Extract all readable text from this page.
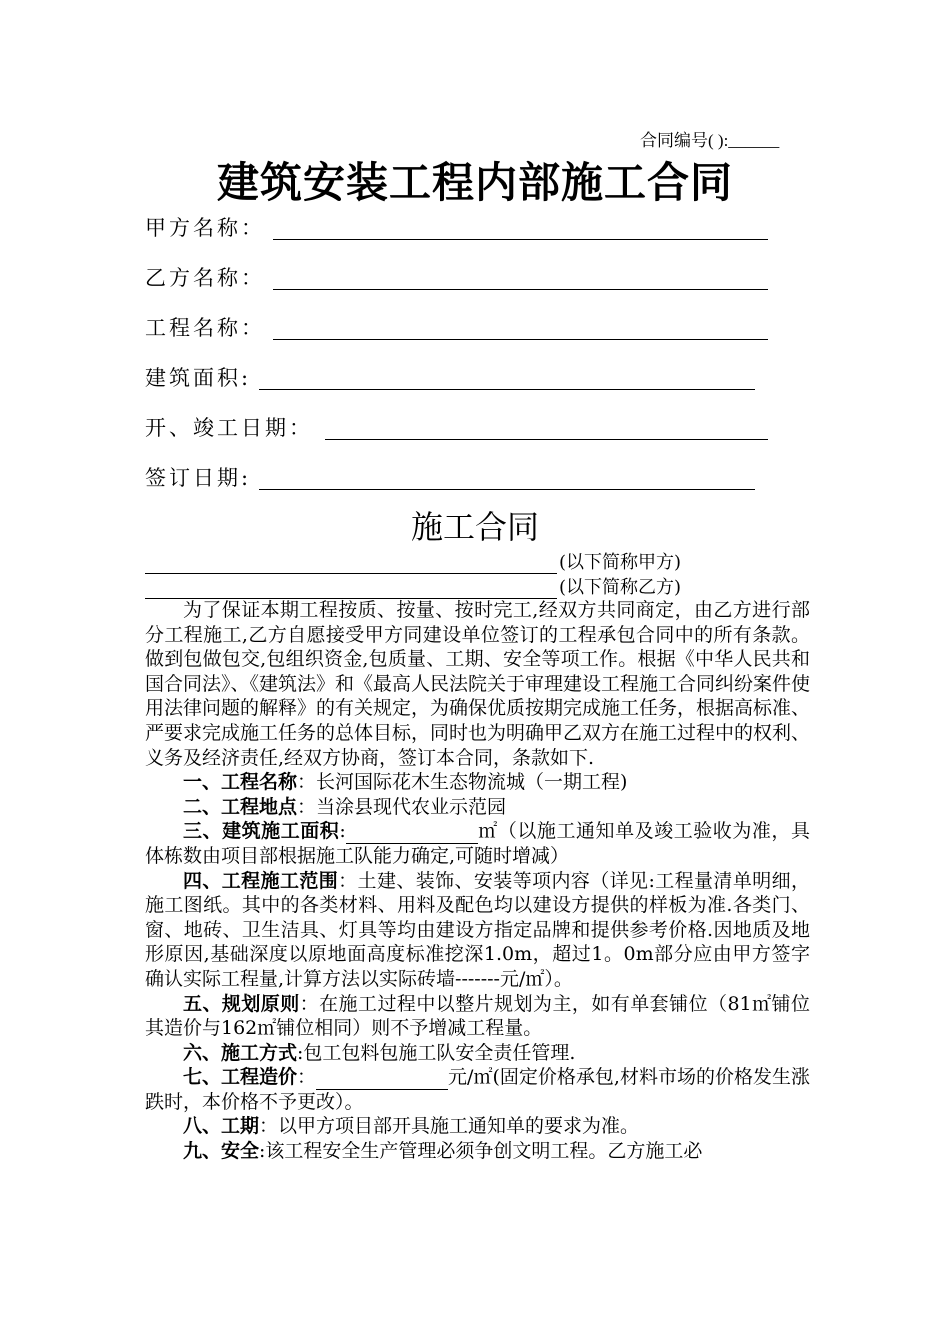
合同编号( ):______
建筑安装工程内部施工合同
甲方名称：
乙方名称：
工程名称：
建筑面积:
开、竣工日期：
签订日期:
施工合同
(以下简称甲方)
(以下简称乙方)

为了保证本期工程按质、按量、按时完工,经双方共同商定，由乙方进行部分工程施工,乙方自愿接受甲方同建设单位签订的工程承包合同中的所有条款。做到包做包交,包组织资金,包质量、工期、安全等项工作。根据《中华人民共和国合同法》、《建筑法》和《最高人民法院关于审理建设工程施工合同纠纷案件使用法律问题的解释》的有关规定，为确保优质按期完成施工任务，根据高标准、严要求完成施工任务的总体目标，同时也为明确甲乙双方在施工过程中的权利、义务及经济责任,经双方协商，签订本合同，条款如下.

一、工程名称：长河国际花木生态物流城（一期工程)

二、工程地点：当涂县现代农业示范园

三、建筑施工面积:	㎡（以施工通知单及竣工验收为准，具体栋数由项目部根据施工队能力确定,可随时增减）

四、工程施工范围：土建、装饰、安装等项内容（详见:工程量清单明细，施工图纸。其中的各类材料、用料及配色均以建设方提供的样板为准.各类门、窗、地砖、卫生洁具、灯具等均由建设方指定品牌和提供参考价格.因地质及地形原因,基础深度以原地面高度标准挖深1.0m，超过1。0m部分应由甲方签字确认实际工程量,计算方法以实际砖墙-------元/㎡）。

五、规划原则：在施工过程中以整片规划为主，如有单套铺位（81㎡铺位其造价与162㎡铺位相同）则不予增减工程量。

六、施工方式:包工包料包施工队安全责任管理.

七、工程造价：	元/㎡(固定价格承包,材料市场的价格发生涨跌时，本价格不予更改）。

八、工期：以甲方项目部开具施工通知单的要求为准。

九、安全:该工程安全生产管理必须争创文明工程。乙方施工必
